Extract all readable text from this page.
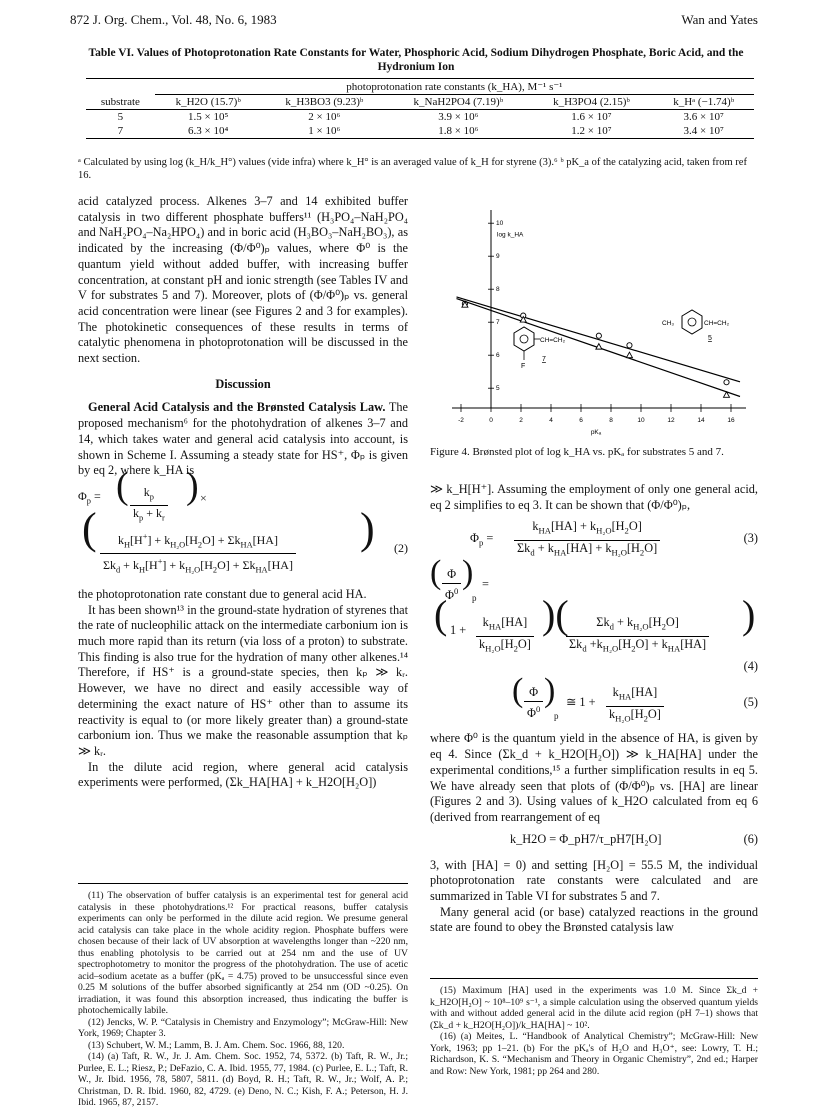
872 J. Org. Chem., Vol. 48, No. 6, 1983	Wan and Yates
Table VI. Values of Photoprotonation Rate Constants for Water, Phosphoric Acid, Sodium Dihydrogen Phosphate, Boric Acid, and the Hydronium Ion
	photoprotonation rate constants (k_HA), M⁻¹ s⁻¹				
substrate	k_H2O (15.7)ᵇ	k_H3BO3 (9.23)ᵇ	k_NaH2PO4 (7.19)ᵇ	k_H3PO4 (2.15)ᵇ	k_Hᵃ (−1.74)ᵇ
5	1.5 × 10⁵	2 × 10⁶	3.9 × 10⁶	1.6 × 10⁷	3.6 × 10⁷
7	6.3 × 10⁴	1 × 10⁶	1.8 × 10⁶	1.2 × 10⁷	3.4 × 10⁷
ᵃ Calculated by using log (k_H/k_H°) values (vide infra) where k_H° is an averaged value of k_H for styrene (3).⁶ ᵇ pK_a of the catalyzing acid, taken from ref 16.

acid catalyzed process. Alkenes 3–7 and 14 exhibited buffer catalysis in two different phosphate buffers¹¹ (H₃PO₄–NaH₂PO₄ and NaH₂PO₄–Na₂HPO₄) and in boric acid (H₃BO₃–NaH₂BO₃), as indicated by the increasing (Φ/Φ⁰)ₚ values, where Φ⁰ is the quantum yield without added buffer, with increasing buffer concentration, at constant pH and ionic strength (see Tables IV and V for substrates 5 and 7). Moreover, plots of (Φ/Φ⁰)ₚ vs. general acid concentration were linear (see Figures 2 and 3 for examples). The photokinetic consequences of these results in terms of catalytic phenomena in photoprotonation will be discussed in the next section.

Discussion

General Acid Catalysis and the Brønsted Catalysis Law. The proposed mechanism⁶ for the photohydration of alkenes 3–7 and 14, which takes water and general acid catalysis into account, is shown in Scheme I. Assuming a steady state for HS⁺, Φₚ is given by eq 2, where k_HA is

$\Phi_p$ = ( $\frac{k_p}{k_p + k_r}$ ) ×
(	$k_H[H^+] + k_{H_2O}[H_2O] + \Sigma k_{HA}[HA]$
$\Sigma k_d + k_H[H^+] + k_{H_2O}[H_2O] + \Sigma k_{HA}[HA]$
) (2)

the photoprotonation rate constant due to general acid HA.

It has been shown¹³ in the ground-state hydration of styrenes that the rate of nucleophilic attack on the intermediate carbonium ion is much more rapid than its return (via loss of a proton) to substrate. This finding is also true for the hydration of many other alkenes.¹⁴ Therefore, if HS⁺ is a ground-state species, then kₚ ≫ kᵣ. However, we have no direct and easily accessible way of determining the exact nature of HS⁺ other than to assume its reactivity is equal to (or more likely greater than) a ground-state carbonium ion. Thus we make the reasonable assumption that kₚ ≫ kᵣ.

In the dilute acid region, where general acid catalysis experiments were performed, (Σk_HA[HA] + k_H2O[H₂O])

(11) The observation of buffer catalysis is an experimental test for general acid catalysis in these photohydrations.¹² For practical reasons, buffer catalysis experiments can only be performed in the dilute acid region. We presume general acid catalysis can take place in the whole acidity region. Phosphate buffers were chosen because of their lack of UV absorption at wavelengths longer than ~220 nm, thus enabling photolysis to be carried out at 254 nm and the use of UV spectrophotometry to monitor the progress of the photohydration. The use of acetic acid–sodium acetate as a buffer (pKₐ = 4.75) proved to be unsuccessful since even 0.25 M solutions of the buffer absorbed significantly at 254 nm (OD ~0.25). On irradiation, it was found this absorption increased, thus indicating the buffer is photochemically labile.

(12) Jencks, W. P. “Catalysis in Chemistry and Enzymology”; McGraw-Hill: New York, 1969; Chapter 3.

(13) Schubert, W. M.; Lamm, B. J. Am. Chem. Soc. 1966, 88, 120.

(14) (a) Taft, R. W., Jr. J. Am. Chem. Soc. 1952, 74, 5372. (b) Taft, R. W., Jr.; Purlee, E. L.; Riesz, P.; DeFazio, C. A. Ibid. 1955, 77, 1984. (c) Purlee, E. L.; Taft, R. W., Jr. Ibid. 1956, 78, 5807, 5811. (d) Boyd, R. H.; Taft, R. W., Jr.; Wolf, A. P.; Christman, D. R. Ibid. 1960, 82, 4729. (e) Deno, N. C.; Kish, F. A.; Peterson, H. J. Ibid. 1965, 87, 2157.

-2	0	2	4	6	8	10	12	14	16
5
6
7
8
9
10
log k_HA
pKₐ
F
CH=CH₂
7
CH₃	CH=CH₂
5
Figure 4. Brønsted plot of log k_HA vs. pKₐ for substrates 5 and 7.

≫ k_H[H⁺]. Assuming the employment of only one general acid, eq 2 simplifies to eq 3. It can be shown that (Φ/Φ⁰)ₚ,

$\Phi_p$ =
$k_{HA}[HA] + k_{H_2O}[H_2O]$
$\Sigma k_d + k_{HA}[HA] + k_{H_2O}[H_2O]$
(3)
( $\frac{\Phi}{\Phi^0}$ )
p
=
( 1 +
$k_{HA}[HA]$
$k_{H_2O}[H_2O]$
)(	$\Sigma k_d + k_{H_2O}[H_2O]$
$\Sigma k_d +k_{H_2O}[H_2O] + k_{HA}[HA]$
)
(4)
( $\frac{\Phi}{\Phi^0}$ )
p
≅ 1 +
$k_{HA}[HA]$
$k_{H_2O}[H_2O]$
(5)

where Φ⁰ is the quantum yield in the absence of HA, is given by eq 4. Since (Σk_d + k_H2O[H₂O]) ≫ k_HA[HA] under the experimental conditions,¹⁵ a further simplification results in eq 5. We have already seen that plots of (Φ/Φ⁰)ₚ vs. [HA] are linear (Figures 2 and 3). Using values of k_H2O calculated from eq 6 (derived from rearrangement of eq

k_H2O = Φ_pH7/τ_pH7[H₂O]	(6)

3, with [HA] = 0) and setting [H₂O] = 55.5 M, the individual photoprotonation rate constants were calculated and are summarized in Table VI for substrates 5 and 7.

Many general acid (or base) catalyzed reactions in the ground state are found to obey the Brønsted catalysis law

(15) Maximum [HA] used in the experiments was 1.0 M. Since Σk_d + k_H2O[H₂O] ~ 10⁸–10⁹ s⁻¹, a simple calculation using the observed quantum yields with and without added general acid in the dilute acid region (pH 7–1) shows that (Σk_d + k_H2O[H₂O])/k_HA[HA] ~ 10².

(16) (a) Meites, L. “Handbook of Analytical Chemistry”; McGraw-Hill: New York, 1963; pp 1–21. (b) For the pKₐ's of H₂O and H₃O⁺, see: Lowry, T. H.; Richardson, K. S. “Mechanism and Theory in Organic Chemistry”, 2nd ed.; Harper and Row: New York, 1981; pp 264 and 280.
